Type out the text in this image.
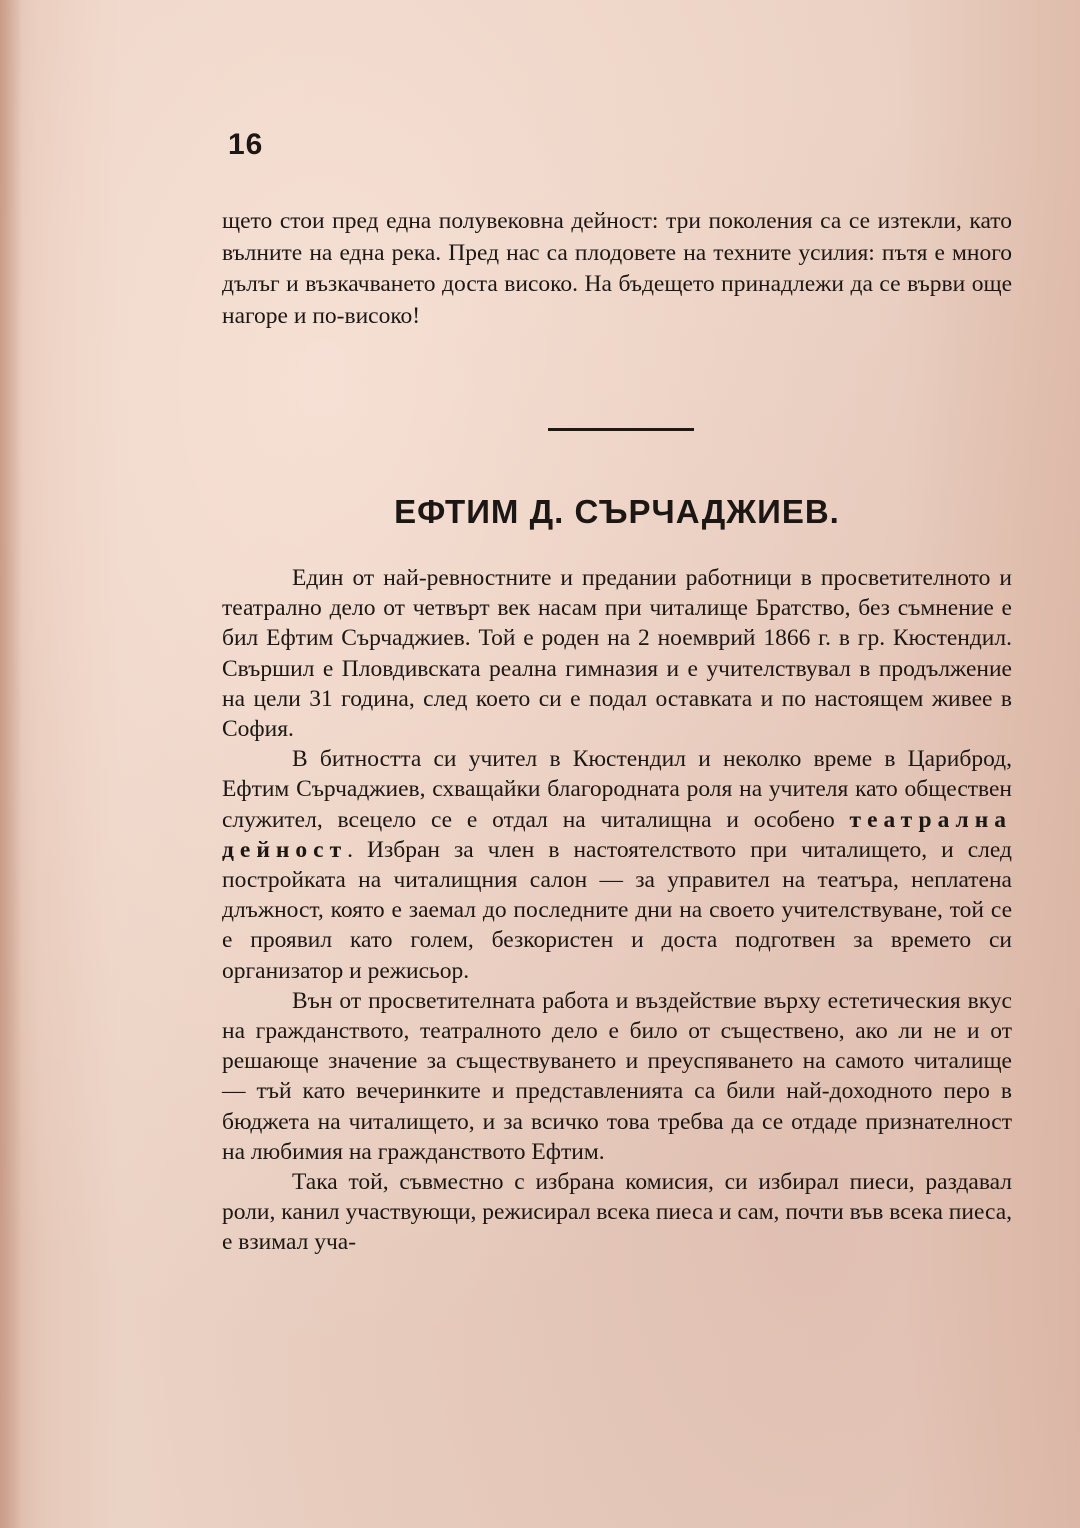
16

щето стои пред една полувековна дейност: три поколения са се изтекли, като вълните на една река. Пред нас са плодовете на техните усилия: пътя е много дълъг и възкачването доста високо. На бъдещето принадлежи да се върви още нагоре и по-високо!

ЕФТИМ Д. СЪРЧАДЖИЕВ.

Един от най-ревностните и предании работници в просветителното и театрално дело от четвърт век насам при читалище Братство, без съмнение е бил Ефтим Сърчаджиев. Той е роден на 2 ноемврий 1866 г. в гр. Кюстендил. Свършил е Пловдивската реална гимназия и е учителствувал в продължение на цели 31 година, след което си е подал оставката и по настоящем живее в София.

В битността си учител в Кюстендил и неколко време в Цариброд, Ефтим Сърчаджиев, схващайки благородната роля на учителя като обществен служител, всецело се е отдал на читалищна и особено театрална дейност. Избран за член в настоятелството при читалището, и след постройката на читалищния салон — за управител на театъра, неплатена длъжност, която е заемал до последните дни на своето учителствуване, той се е проявил като голем, безкористен и доста подготвен за времето си организатор и режисьор.

Вън от просветителната работа и въздействие върху естетическия вкус на гражданството, театралното дело е било от съществено, ако ли не и от решающе значение за съществуването и преуспяването на самото читалище — тъй като вечеринките и представленията са били най-доходното перо в бюджета на читалището, и за всичко това требва да се отдаде признателност на любимия на гражданството Ефтим.

Така той, съвместно с избрана комисия, си избирал пиеси, раздавал роли, канил участвующи, режисирал всека пиеса и сам, почти във всека пиеса, е взимал уча-
